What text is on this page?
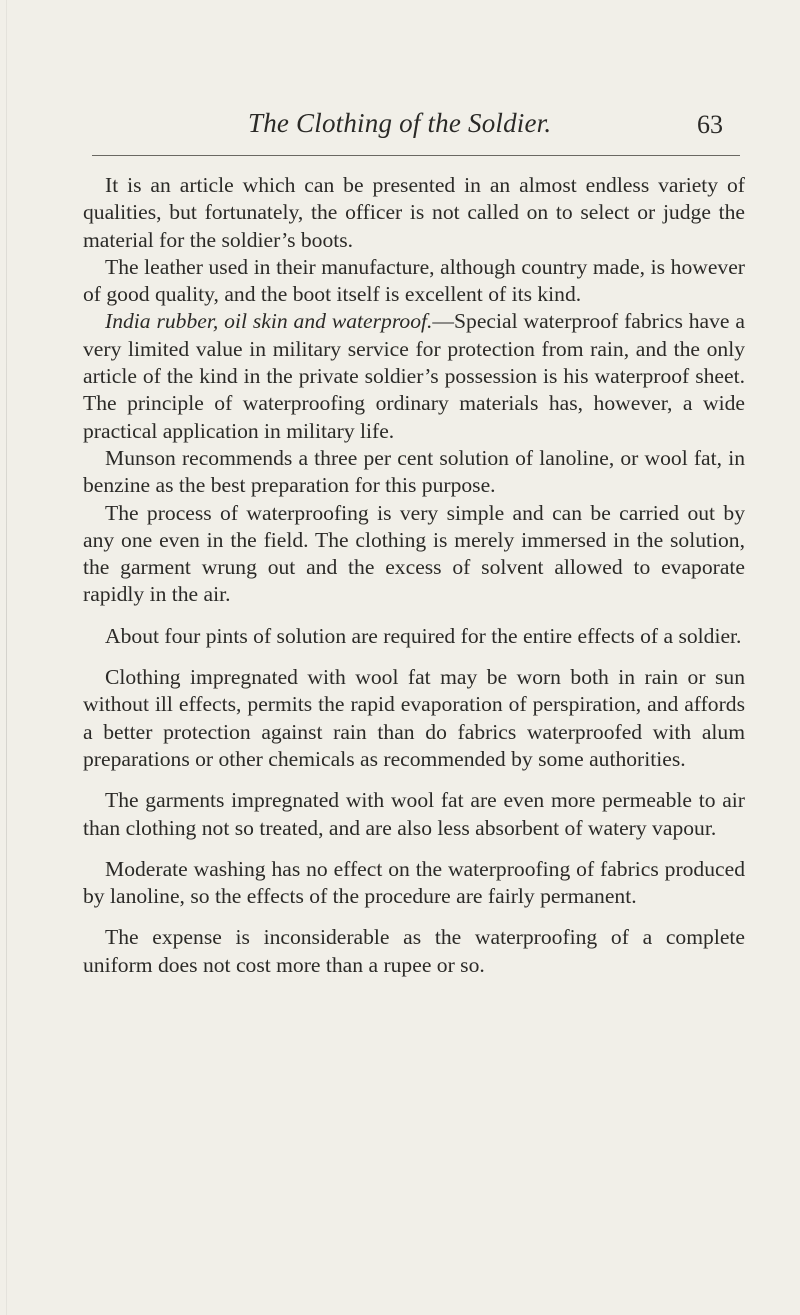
The Clothing of the Soldier.	63

It is an article which can be presented in an almost endless variety of qualities, but fortunately, the officer is not called on to select or judge the material for the soldier’s boots.

The leather used in their manufacture, although country made, is however of good quality, and the boot itself is excellent of its kind.

India rubber, oil skin and waterproof.—Special waterproof fabrics have a very limited value in military service for protection from rain, and the only article of the kind in the private soldier’s possession is his waterproof sheet. The principle of waterproofing ordinary materials has, however, a wide practical application in military life.

Munson recommends a three per cent solution of lanoline, or wool fat, in benzine as the best preparation for this purpose.

The process of waterproofing is very simple and can be carried out by any one even in the field. The clothing is merely immersed in the solution, the garment wrung out and the excess of solvent allowed to evaporate rapidly in the air.

About four pints of solution are required for the entire effects of a soldier.

Clothing impregnated with wool fat may be worn both in rain or sun without ill effects, permits the rapid evaporation of perspiration, and affords a better protection against rain than do fabrics waterproofed with alum preparations or other chemicals as recommended by some authorities.

The garments impregnated with wool fat are even more permeable to air than clothing not so treated, and are also less absorbent of watery vapour.

Moderate washing has no effect on the waterproofing of fabrics produced by lanoline, so the effects of the procedure are fairly permanent.

The expense is inconsiderable as the waterproofing of a complete uniform does not cost more than a rupee or so.
